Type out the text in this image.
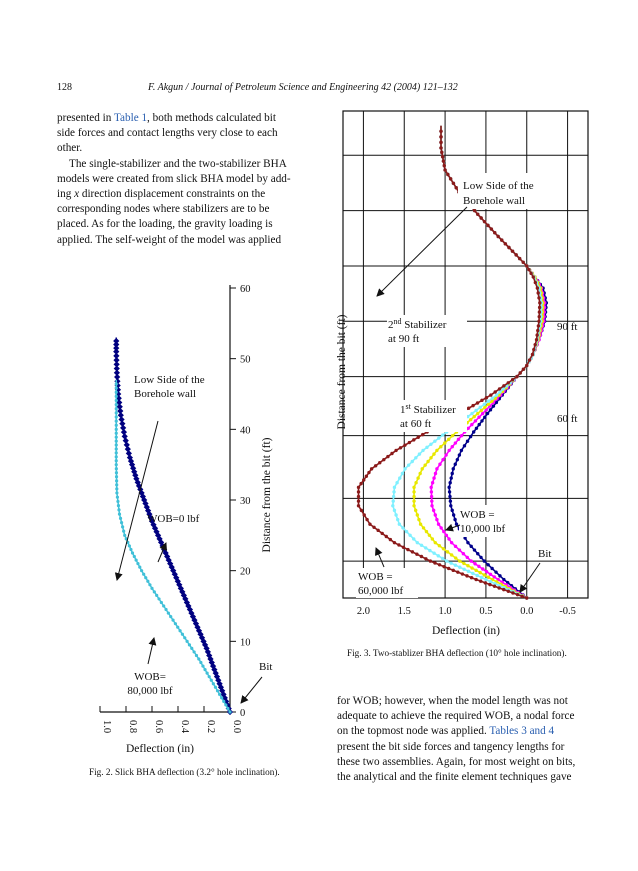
128	F. Akgun / Journal of Petroleum Science and Engineering 42 (2004) 121–132
presented in Table 1, both methods calculated bit
side forces and contact lengths very close to each
other.
The single-stabilizer and the two-stabilizer BHA
models were created from slick BHA model by add-
ing x direction displacement constraints on the
corresponding nodes where stabilizers are to be
placed. As for the loading, the gravity loading is
applied. The self-weight of the model was applied
for WOB; however, when the model length was not
adequate to achieve the required WOB, a nodal force
on the topmost node was applied. Tables 3 and 4
present the bit side forces and tangency lengths for
these two assemblies. Again, for most weight on bits,
the analytical and the finite element techniques gave
1.0 0.8 0.6 0.4 0.2 0.0
0
10
20
30
40
50
60
Deflection (in)
Distance from the bit (ft)
Low Side of the
Borehole wall
WOB=0 lbf
WOB=
80,000 lbf
Bit
Fig. 2. Slick BHA deflection (3.2° hole inclination).
2.0	1.5	1.0	0.5	0.0 -0.5
Deflection (in)
Distance from the bit (ft)
Low Side of the
Borehole wall
2nd Stabilizer
at 90 ft
1st Stabilizer
at 60 ft
90 ft
60 ft
WOB =
10,000 lbf
Bit
WOB =
60,000 lbf
Fig. 3. Two-stablizer BHA deflection (10° hole inclination).
